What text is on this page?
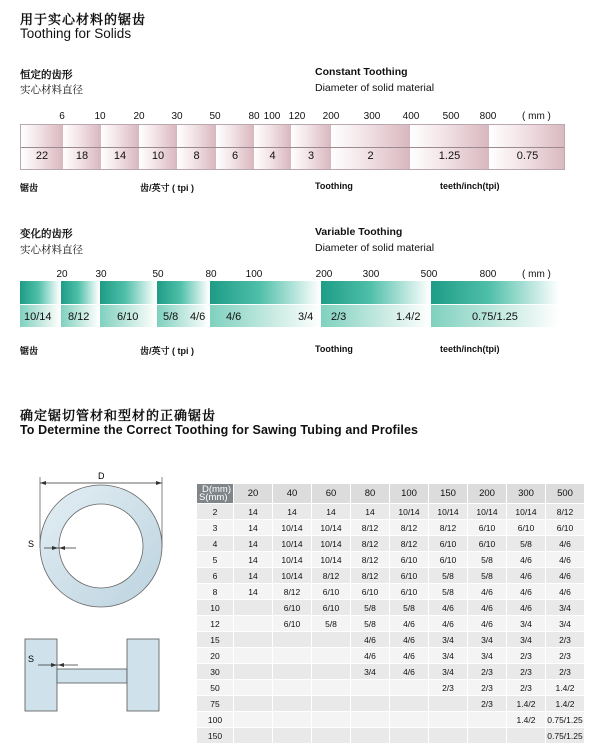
用于实心材料的锯齿
Toothing for Solids
恒定的齿形
实心材料直径
Constant Toothing
Diameter of solid material
6	10	20	30	50	80 100 120	200	300	400	500	800	( mm )
22	18	14	10	8	6	4	3	2	1.25	0.75
锯齿	齿/英寸 ( tpi )	Toothing	teeth/inch(tpi)
变化的齿形
实心材料直径
Variable Toothing
Diameter of solid material
20	30	50	80	100	200	300	500	800	( mm )
10/14 8/12	6/10 5/8 4/6 4/6	3/4 2/3	1.4/2	0.75/1.25
锯齿	齿/英寸 ( tpi )	Toothing	teeth/inch(tpi)
确定锯切管材和型材的正确锯齿
To Determine the Correct Toothing for Sawing Tubing and Profiles
D
S
S
D(mm)
S(mm)	20	40	60	80	100	150	200	300	500
2	14	14	14	14	10/14	10/14	10/14	10/14	8/12
3	14	10/14	10/14	8/12	8/12	8/12	6/10	6/10	6/10
4	14	10/14	10/14	8/12	8/12	6/10	6/10	5/8	4/6
5	14	10/14	10/14	8/12	6/10	6/10	5/8	4/6	4/6
6	14	10/14	8/12	8/12	6/10	5/8	5/8	4/6	4/6
8	14	8/12	6/10	6/10	6/10	5/8	4/6	4/6	4/6
10		6/10	6/10	5/8	5/8	4/6	4/6	4/6	3/4
12		6/10	5/8	5/8	4/6	4/6	4/6	3/4	3/4
15				4/6	4/6	3/4	3/4	3/4	2/3
20				4/6	4/6	3/4	3/4	2/3	2/3
30				3/4	4/6	3/4	2/3	2/3	2/3
50						2/3	2/3	2/3	1.4/2
75							2/3	1.4/2	1.4/2
100								1.4/2	0.75/1.25
150									0.75/1.25
